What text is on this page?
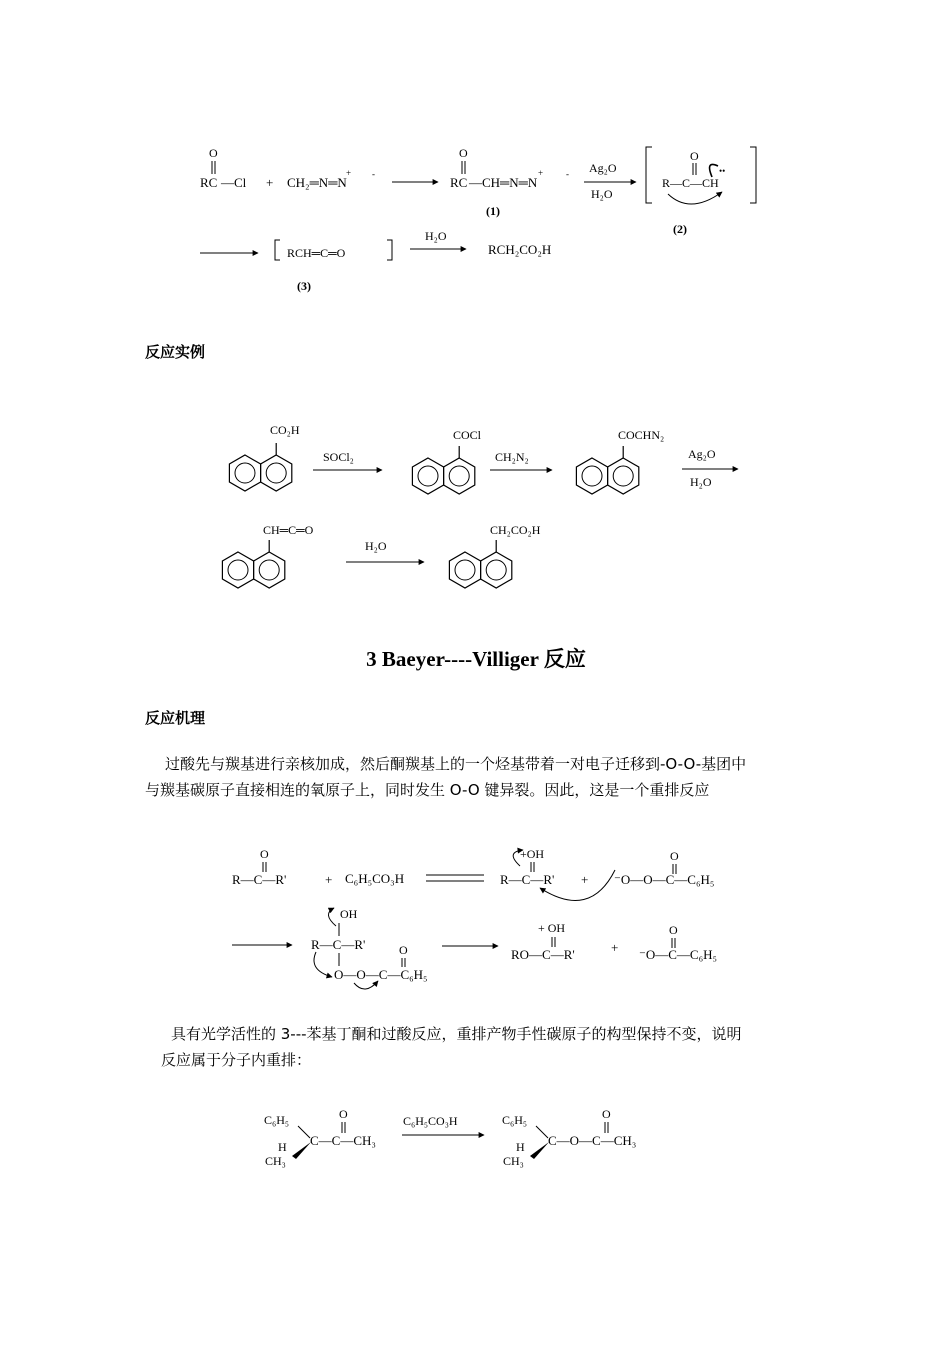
O
RC —Cl + CH₂═N═N
+ -
O
RC —CH═N═N
+	-
(1)
Ag₂O
H₂O
O
R—C—CH
••
(2)
RCH═C═O
(3)
H₂O
RCH₂CO₂H
反应实例
CO₂H
SOCl₂
COCl
CH₂N₂
COCHN₂
Ag₂O
H₂O
CH═C═O
H₂O
CH₂CO₂H
3 Baeyer----Villiger 反应
反应机理

过酸先与羰基进行亲核加成，然后酮羰基上的一个烃基带着一对电子迁移到-O-O-基团中

与羰基碳原子直接相连的氧原子上，同时发生 O-O 键异裂。因此，这是一个重排反应

O
R—C—R'	+ C₆H₅CO₃H
+OH
R—C—R' +
O
⁻O—O—C—C₆H₅
OH
R—C—R'
O—O—C—C₆H₅
O
+ OH
RO—C—R'	+
O
⁻O—C—C₆H₅

具有光学活性的 3---苯基丁酮和过酸反应，重排产物手性碳原子的构型保持不变，说明

反应属于分子内重排：

C₆H₅
H
CH₃
O
C—C—CH₃
C₆H₅CO₃H	C₆H₅
H
CH₃
O
C—O—C—CH₃
